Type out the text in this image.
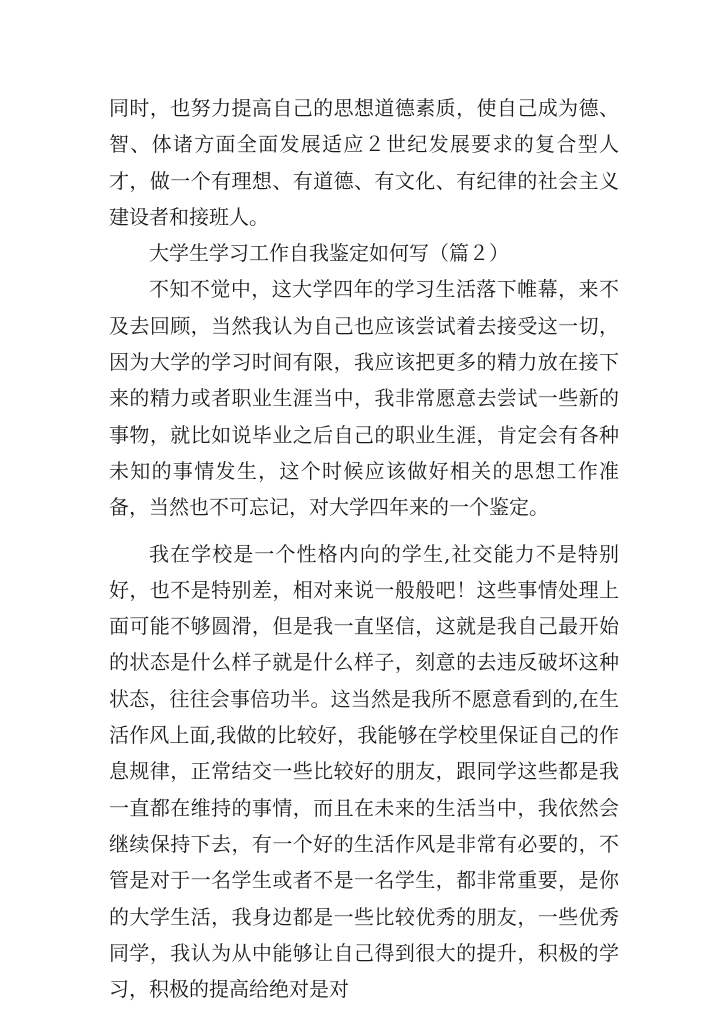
同时，也努力提高自己的思想道德素质，使自己成为德、智、体诸方面全面发展适应２世纪发展要求的复合型人才，做一个有理想、有道德、有文化、有纪律的社会主义建设者和接班人。

大学生学习工作自我鉴定如何写（篇２）

不知不觉中，这大学四年的学习生活落下帷幕，来不及去回顾，当然我认为自己也应该尝试着去接受这一切，因为大学的学习时间有限，我应该把更多的精力放在接下来的精力或者职业生涯当中，我非常愿意去尝试一些新的事物，就比如说毕业之后自己的职业生涯，肯定会有各种未知的事情发生，这个时候应该做好相关的思想工作准备，当然也不可忘记，对大学四年来的一个鉴定。

我在学校是一个性格内向的学生,社交能力不是特别好，也不是特别差，相对来说一般般吧！这些事情处理上面可能不够圆滑，但是我一直坚信，这就是我自己最开始的状态是什么样子就是什么样子，刻意的去违反破坏这种状态，往往会事倍功半。这当然是我所不愿意看到的,在生活作风上面,我做的比较好，我能够在学校里保证自己的作息规律，正常结交一些比较好的朋友，跟同学这些都是我一直都在维持的事情，而且在未来的生活当中，我依然会继续保持下去，有一个好的生活作风是非常有必要的，不管是对于一名学生或者不是一名学生，都非常重要，是你的大学生活，我身边都是一些比较优秀的朋友，一些优秀同学，我认为从中能够让自己得到很大的提升，积极的学习，积极的提高给绝对是对
